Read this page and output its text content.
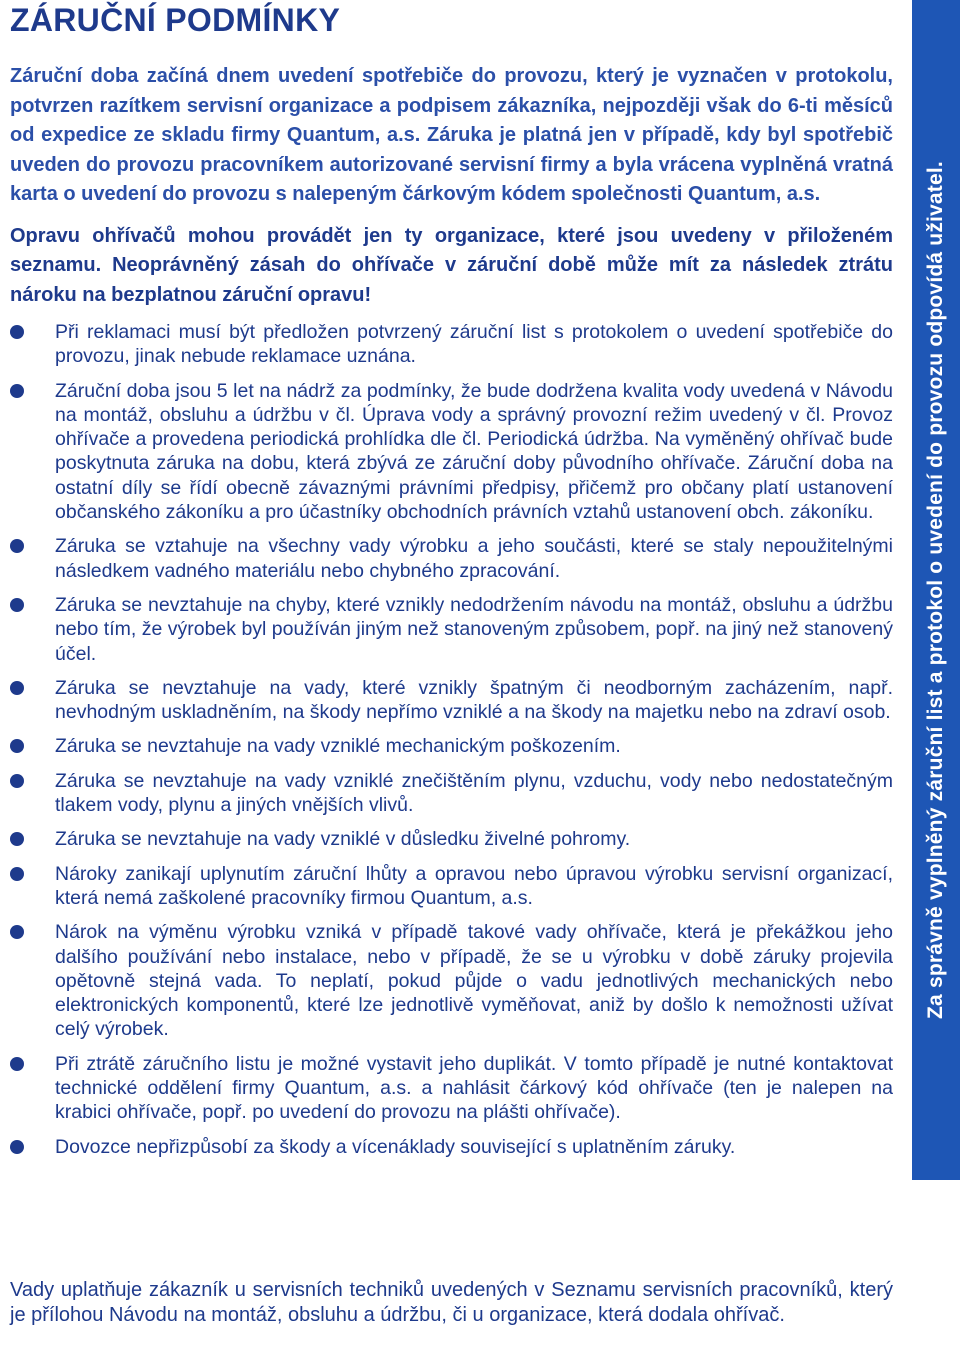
ZÁRUČNÍ PODMÍNKY

Záruční doba začíná dnem uvedení spotřebiče do provozu, který je vyznačen v protokolu, potvrzen razítkem servisní organizace a podpisem zákazníka, nejpozději však do 6-ti měsíců od expedice ze skladu firmy Quantum, a.s. Záruka je platná jen v případě, kdy byl spotřebič uveden do provozu pracovníkem autorizované servisní firmy a byla vrácena vyplněná vratná karta o uvedení do provozu s nalepeným čárkovým kódem společnosti Quantum, a.s.

Opravu ohřívačů mohou provádět jen ty organizace, které jsou uvedeny v přiloženém seznamu. Neoprávněný zásah do ohřívače v záruční době může mít za následek ztrátu nároku na bezplatnou záruční opravu!

Při reklamaci musí být předložen potvrzený záruční list s protokolem o uvedení spotřebiče do provozu, jinak nebude reklamace uznána.
Záruční doba jsou 5 let na nádrž za podmínky, že bude dodržena kvalita vody uvedená v Návodu na montáž, obsluhu a údržbu v čl. Úprava vody a správný provozní režim uvedený v čl. Provoz ohřívače a provedena periodická prohlídka dle čl. Periodická údržba. Na vyměněný ohřívač bude poskytnuta záruka na dobu, která zbývá ze záruční doby původního ohřívače. Záruční doba na ostatní díly se řídí obecně závaznými právními předpisy, přičemž pro občany platí ustanovení občanského zákoníku a pro účastníky obchodních právních vztahů ustanovení obch. zákoníku.
Záruka se vztahuje na všechny vady výrobku a jeho součásti, které se staly nepoužitelnými následkem vadného materiálu nebo chybného zpracování.
Záruka se nevztahuje na chyby, které vznikly nedodržením návodu na montáž, obsluhu a údržbu nebo tím, že výrobek byl používán jiným než stanoveným způsobem, popř. na jiný než stanovený účel.
Záruka se nevztahuje na vady, které vznikly špatným či neodborným zacházením, např. nevhodným uskladněním, na škody nepřímo vzniklé a na škody na majetku nebo na zdraví osob.
Záruka se nevztahuje na vady vzniklé mechanickým poškozením.
Záruka se nevztahuje na vady vzniklé znečištěním plynu, vzduchu, vody nebo nedostatečným tlakem vody, plynu a jiných vnějších vlivů.
Záruka se nevztahuje na vady vzniklé v důsledku živelné pohromy.
Nároky zanikají uplynutím záruční lhůty a opravou nebo úpravou výrobku servisní organizací, která nemá zaškolené pracovníky firmou Quantum, a.s.
Nárok na výměnu výrobku vzniká v případě takové vady ohřívače, která je překážkou jeho dalšího používání nebo instalace, nebo v případě, že se u výrobku v době záruky projevila opětovně stejná vada. To neplatí, pokud půjde o vadu jednotlivých mechanických nebo elektronických komponentů, které lze jednotlivě vyměňovat, aniž by došlo k nemožnosti užívat celý výrobek.
Při ztrátě záručního listu je možné vystavit jeho duplikát. V tomto případě je nutné kontaktovat technické oddělení firmy Quantum, a.s. a nahlásit čárkový kód ohřívače (ten je nalepen na krabici ohřívače, popř. po uvedení do provozu na plášti ohřívače).
Dovozce nepřizpůsobí za škody a vícenáklady související s uplatněním záruky.

Vady uplatňuje zákazník u servisních techniků uvedených v Seznamu servisních pracovníků, který je přílohou Návodu na montáž, obsluhu a údržbu, či u organizace, která dodala ohřívač.

Za správně vyplněný záruční list a protokol o uvedení do provozu odpovídá uživatel.
